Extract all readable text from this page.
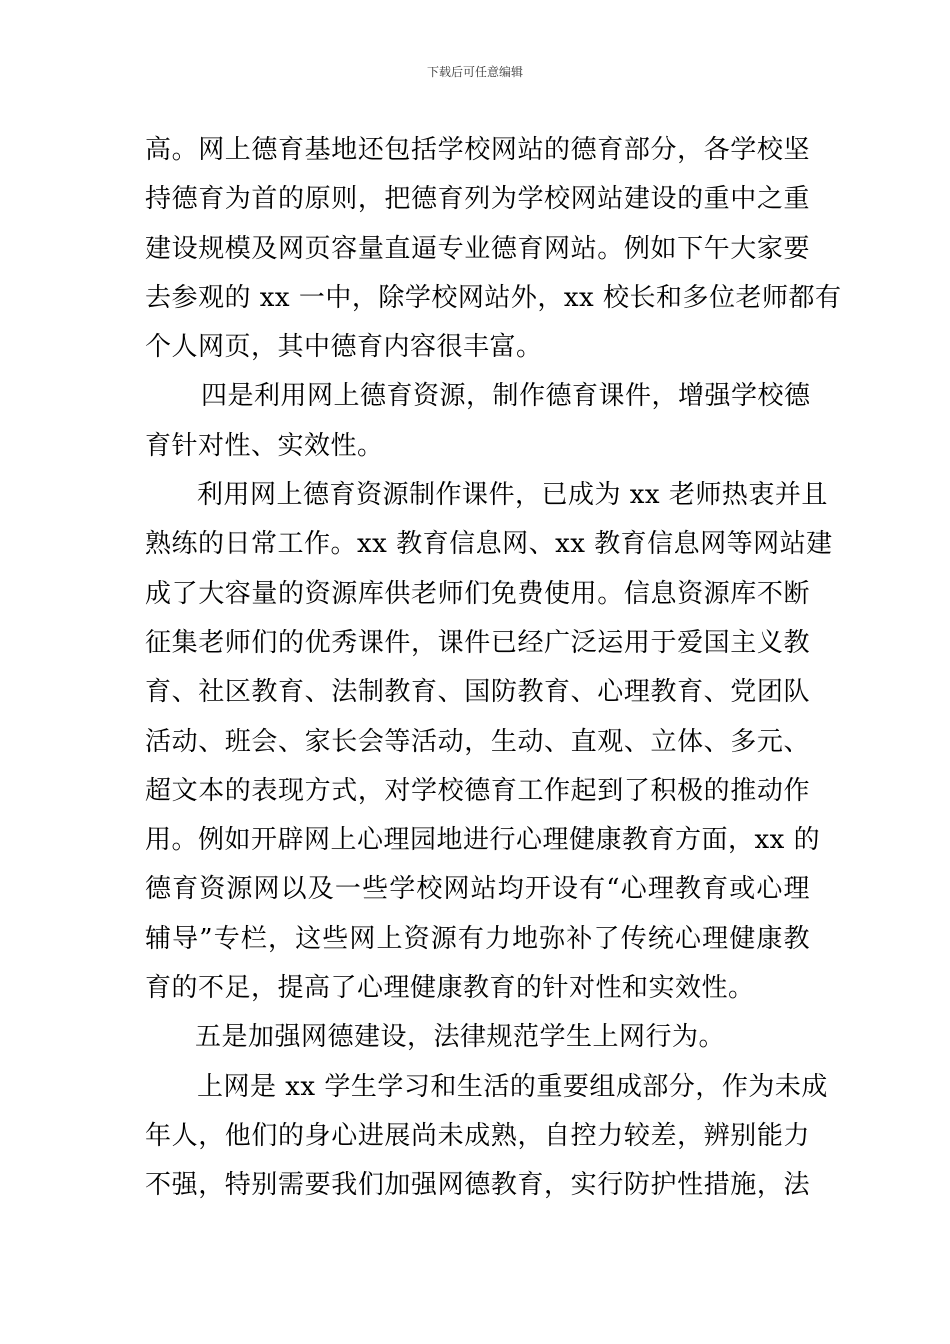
下载后可任意编辑
高。网上德育基地还包括学校网站的德育部分，各学校坚
持德育为首的原则，把德育列为学校网站建设的重中之重
建设规模及网页容量直逼专业德育网站。例如下午大家要
去参观的 xx 一中，除学校网站外，xx 校长和多位老师都有
个人网页，其中德育内容很丰富。
四是利用网上德育资源，制作德育课件，增强学校德
育针对性、实效性。
利用网上德育资源制作课件，已成为 xx 老师热衷并且
熟练的日常工作。xx 教育信息网、xx 教育信息网等网站建
成了大容量的资源库供老师们免费使用。信息资源库不断
征集老师们的优秀课件，课件已经广泛运用于爱国主义教
育、社区教育、法制教育、国防教育、心理教育、党团队
活动、班会、家长会等活动，生动、直观、立体、多元、
超文本的表现方式，对学校德育工作起到了积极的推动作
用。例如开辟网上心理园地进行心理健康教育方面，xx 的
德育资源网以及一些学校网站均开设有“心理教育或心理
辅导”专栏，这些网上资源有力地弥补了传统心理健康教
育的不足，提高了心理健康教育的针对性和实效性。
五是加强网德建设，法律规范学生上网行为。
上网是 xx 学生学习和生活的重要组成部分，作为未成
年人，他们的身心进展尚未成熟，自控力较差，辨别能力
不强，特别需要我们加强网德教育，实行防护性措施，法
